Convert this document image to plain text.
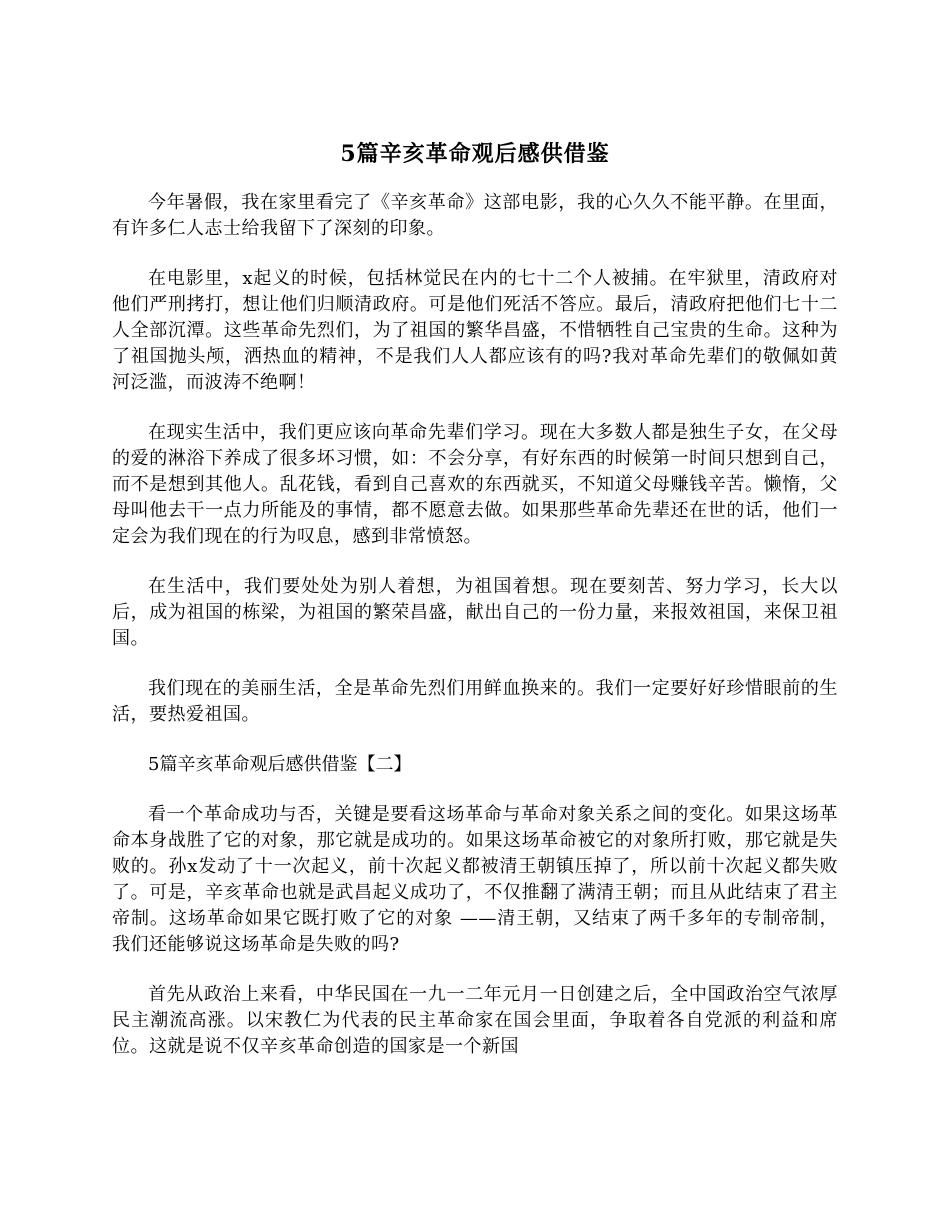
5篇辛亥革命观后感供借鉴

今年暑假，我在家里看完了《辛亥革命》这部电影，我的心久久不能平静。在里面，有许多仁人志士给我留下了深刻的印象。

在电影里，x起义的时候，包括林觉民在内的七十二个人被捕。在牢狱里，清政府对他们严刑拷打，想让他们归顺清政府。可是他们死活不答应。最后，清政府把他们七十二人全部沉潭。这些革命先烈们，为了祖国的繁华昌盛，不惜牺牲自己宝贵的生命。这种为了祖国抛头颅，洒热血的精神，不是我们人人都应该有的吗?我对革命先辈们的敬佩如黄河泛滥，而波涛不绝啊！

在现实生活中，我们更应该向革命先辈们学习。现在大多数人都是独生子女，在父母的爱的淋浴下养成了很多坏习惯，如：不会分享，有好东西的时候第一时间只想到自己，而不是想到其他人。乱花钱，看到自己喜欢的东西就买，不知道父母赚钱辛苦。懒惰，父母叫他去干一点力所能及的事情，都不愿意去做。如果那些革命先辈还在世的话，他们一定会为我们现在的行为叹息，感到非常愤怒。

在生活中，我们要处处为别人着想，为祖国着想。现在要刻苦、努力学习，长大以后，成为祖国的栋梁，为祖国的繁荣昌盛，献出自己的一份力量，来报效祖国，来保卫祖国。

我们现在的美丽生活，全是革命先烈们用鲜血换来的。我们一定要好好珍惜眼前的生活，要热爱祖国。

5篇辛亥革命观后感供借鉴【二】

看一个革命成功与否，关键是要看这场革命与革命对象关系之间的变化。如果这场革命本身战胜了它的对象，那它就是成功的。如果这场革命被它的对象所打败，那它就是失败的。孙x发动了十一次起义，前十次起义都被清王朝镇压掉了，所以前十次起义都失败了。可是，辛亥革命也就是武昌起义成功了，不仅推翻了满清王朝；而且从此结束了君主帝制。这场革命如果它既打败了它的对象 ——清王朝，又结束了两千多年的专制帝制，我们还能够说这场革命是失败的吗?

首先从政治上来看，中华民国在一九一二年元月一日创建之后，全中国政治空气浓厚民主潮流高涨。以宋教仁为代表的民主革命家在国会里面，争取着各自党派的利益和席位。这就是说不仅辛亥革命创造的国家是一个新国
